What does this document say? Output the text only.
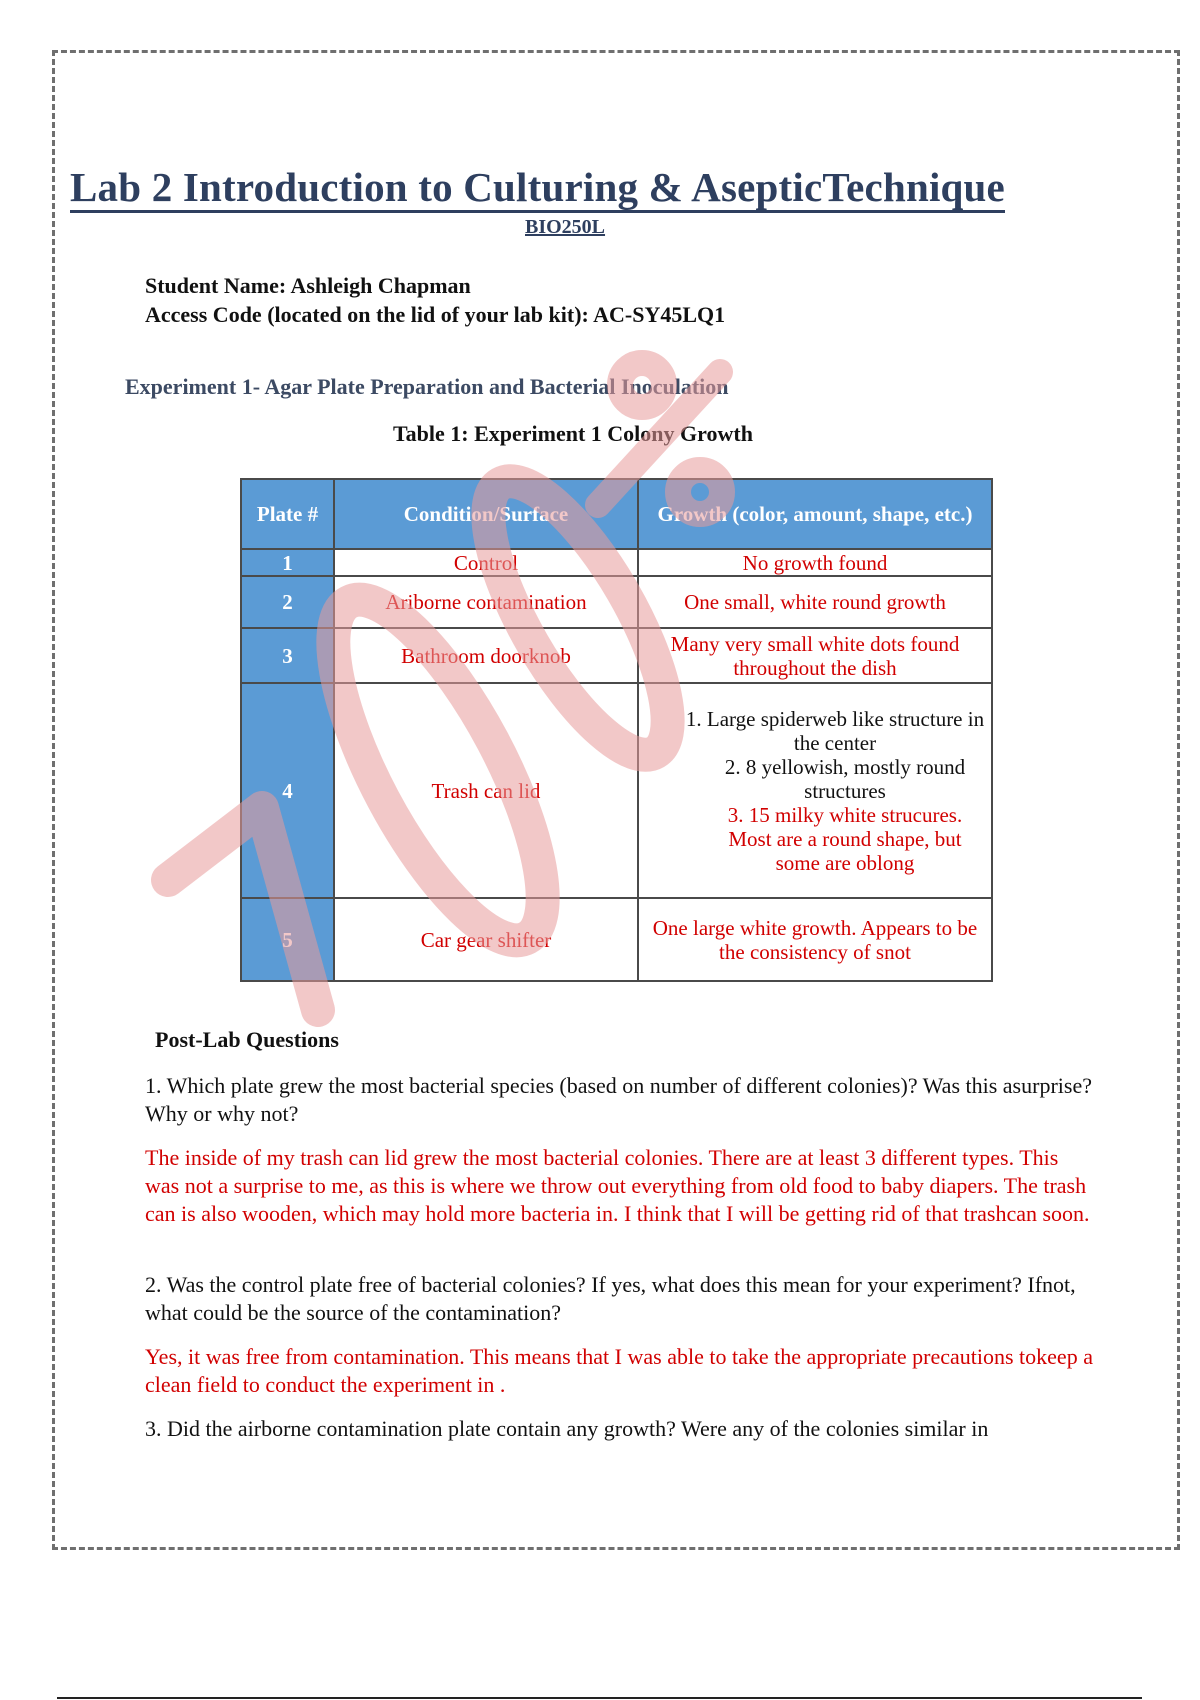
Lab 2 Introduction to Culturing & AsepticTechnique
BIO250L
Student Name: Ashleigh Chapman
Access Code (located on the lid of your lab kit): AC-SY45LQ1
Experiment 1- Agar Plate Preparation and Bacterial Inoculation
Table 1: Experiment 1 Colony Growth
Plate #	Condition/Surface	Growth (color, amount, shape, etc.)
1	Control	No growth found
2	Ariborne contamination	One small, white round growth
3	Bathroom doorknob	Many very small white dots found throughout the dish
4	Trash can lid	1. Large spiderweb like structure in the center
2. 8 yellowish, mostly round structures
3. 15 milky white strucures. Most are a round shape, but some are oblong

5	Car gear shifter	One large white growth. Appears to be the consistency of snot
Post-Lab Questions
1. Which plate grew the most bacterial species (based on number of different colonies)? Was this asurprise? Why or why not?
The inside of my trash can lid grew the most bacterial colonies. There are at least 3 different types. This was not a surprise to me, as this is where we throw out everything from old food to baby diapers. The trash can is also wooden, which may hold more bacteria in. I think that I will be getting rid of that trashcan soon.
2. Was the control plate free of bacterial colonies? If yes, what does this mean for your experiment? Ifnot, what could be the source of the contamination?
Yes, it was free from contamination. This means that I was able to take the appropriate precautions tokeep a clean field to conduct the experiment in .
3. Did the airborne contamination plate contain any growth? Were any of the colonies similar in
